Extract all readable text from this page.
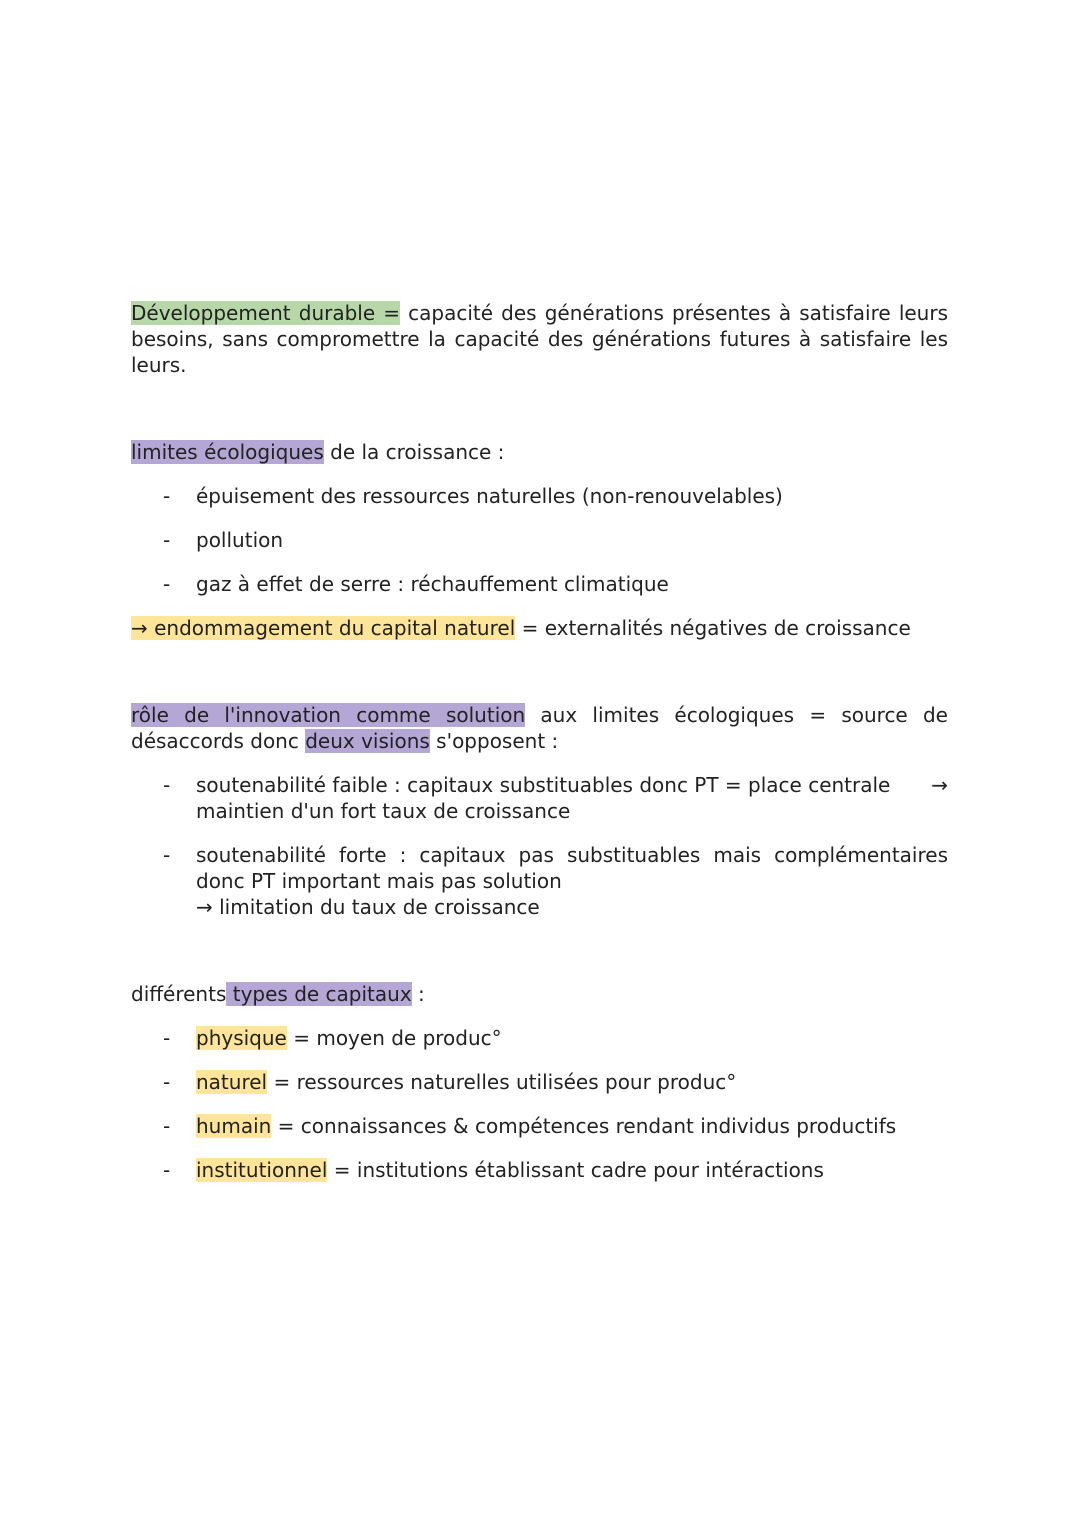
Développement durable = capacité des générations présentes à satisfaire leurs besoins, sans compromettre la capacité des générations futures à satisfaire les leurs.

limites écologiques de la croissance :

- épuisement des ressources naturelles (non-renouvelables)
- pollution
- gaz à effet de serre : réchauffement climatique

→ endommagement du capital naturel = externalités négatives de croissance

rôle de l'innovation comme solution aux limites écologiques = source de désaccords donc deux visions s'opposent :

-	→
soutenabilité faible : capitaux substituables donc PT = place centrale
maintien d'un fort taux de croissance
- soutenabilité forte : capitaux pas substituables mais complémentaires donc PT important mais pas solution
→ limitation du taux de croissance

différents types de capitaux :

- physique = moyen de produc°
- naturel = ressources naturelles utilisées pour produc°
- humain = connaissances & compétences rendant individus productifs
- institutionnel = institutions établissant cadre pour intéractions
